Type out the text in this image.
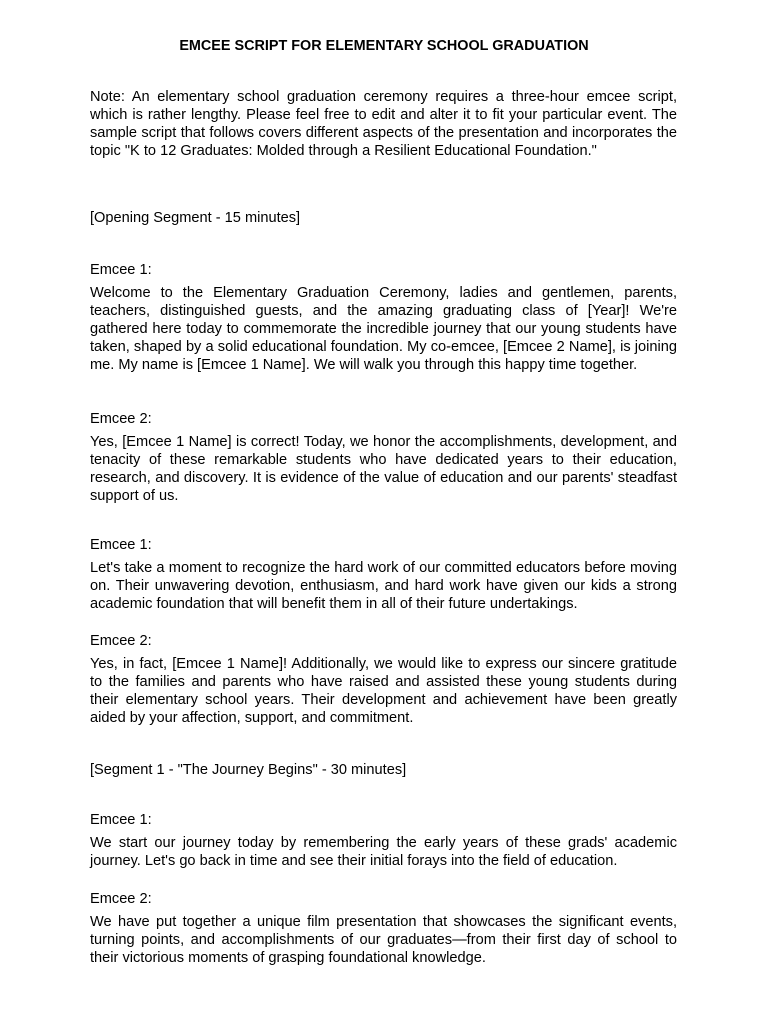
EMCEE SCRIPT FOR ELEMENTARY SCHOOL GRADUATION
Note: An elementary school graduation ceremony requires a three-hour emcee script, which is rather lengthy. Please feel free to edit and alter it to fit your particular event. The sample script that follows covers different aspects of the presentation and incorporates the topic "K to 12 Graduates: Molded through a Resilient Educational Foundation."
[Opening Segment - 15 minutes]
Emcee 1:
Welcome to the Elementary Graduation Ceremony, ladies and gentlemen, parents, teachers, distinguished guests, and the amazing graduating class of [Year]! We're gathered here today to commemorate the incredible journey that our young students have taken, shaped by a solid educational foundation. My co-emcee, [Emcee 2 Name], is joining me. My name is [Emcee 1 Name]. We will walk you through this happy time together.
Emcee 2:
Yes, [Emcee 1 Name] is correct! Today, we honor the accomplishments, development, and tenacity of these remarkable students who have dedicated years to their education, research, and discovery. It is evidence of the value of education and our parents' steadfast support of us.
Emcee 1:
Let's take a moment to recognize the hard work of our committed educators before moving on. Their unwavering devotion, enthusiasm, and hard work have given our kids a strong academic foundation that will benefit them in all of their future undertakings.
Emcee 2:
Yes, in fact, [Emcee 1 Name]! Additionally, we would like to express our sincere gratitude to the families and parents who have raised and assisted these young students during their elementary school years. Their development and achievement have been greatly aided by your affection, support, and commitment.
[Segment 1 - "The Journey Begins" - 30 minutes]
Emcee 1:
We start our journey today by remembering the early years of these grads' academic journey. Let's go back in time and see their initial forays into the field of education.
Emcee 2:
We have put together a unique film presentation that showcases the significant events, turning points, and accomplishments of our graduates—from their first day of school to their victorious moments of grasping foundational knowledge.
